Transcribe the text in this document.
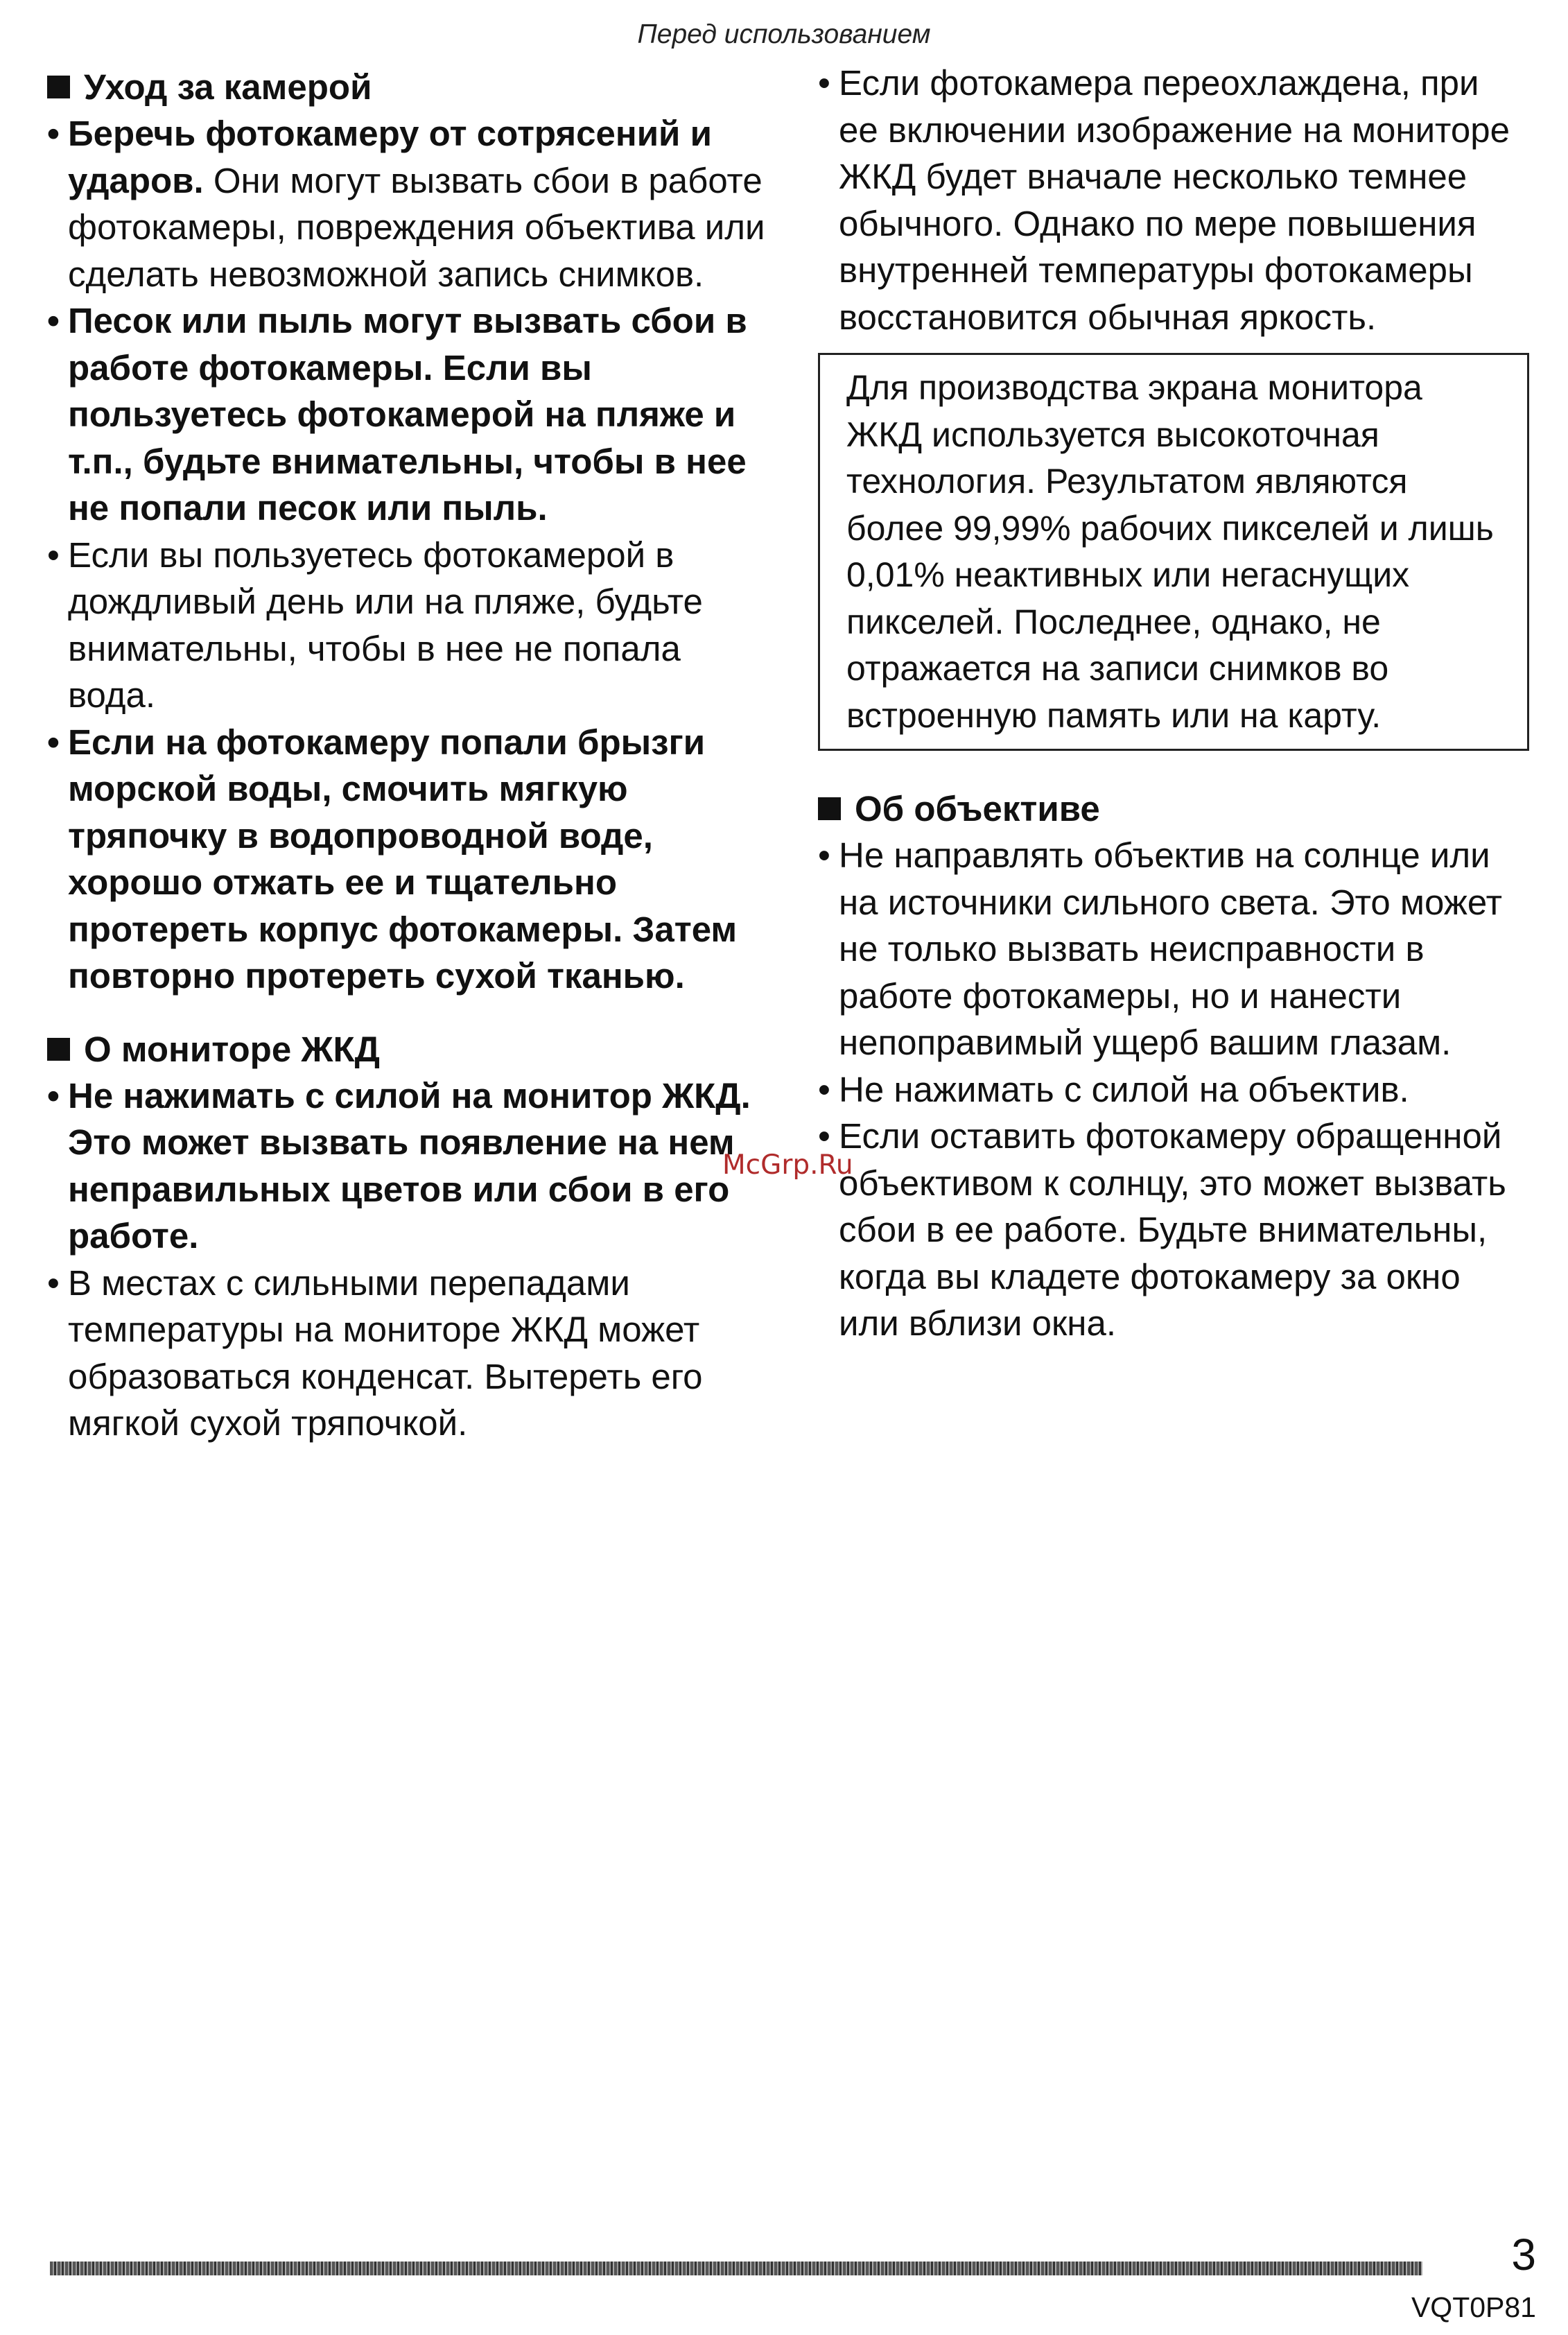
Перед использованием
Уход за камерой
• Беречь фотокамеру от сотрясений и ударов. Они могут вызвать сбои в работе фотокамеры, повреждения объектива или сделать невозможной запись снимков.
• Песок или пыль могут вызвать сбои в работе фотокамеры. Если вы пользуетесь фотокамерой на пляже и т.п., будьте внимательны, чтобы в нее не попали песок или пыль.
• Если вы пользуетесь фотокамерой в дождливый день или на пляже, будьте внимательны, чтобы в нее не попала вода.
• Если на фотокамеру попали брызги морской воды, смочить мягкую тряпочку в водопроводной воде, хорошо отжать ее и тщательно протереть корпус фотокамеры. Затем повторно протереть сухой тканью.
О мониторе ЖКД
• Не нажимать с силой на монитор ЖКД. Это может вызвать появление на нем неправильных цветов или сбои в его работе.
• В местах с сильными перепадами температуры на мониторе ЖКД может образоваться конденсат. Вытереть его мягкой сухой тряпочкой.
• Если фотокамера переохлаждена, при ее включении изображение на мониторе ЖКД будет вначале несколько темнее обычного. Однако по мере повышения внутренней температуры фотокамеры восстановится обычная яркость.
Для производства экрана монитора ЖКД используется высокоточная технология. Результатом являются более 99,99% рабочих пикселей и лишь 0,01% неактивных или негаснущих пикселей. Последнее, однако, не отражается на записи снимков во встроенную память или на карту.
Об объективе
• Не направлять объектив на солнце или на источники сильного света. Это может не только вызвать неисправности в работе фотокамеры, но и нанести непоправимый ущерб вашим глазам.
• Не нажимать с силой на объектив.
• Если оставить фотокамеру обращенной объективом к солнцу, это может вызвать сбои в ее работе. Будьте внимательны, когда вы кладете фотокамеру за окно или вблизи окна.
McGrp.Ru
3
VQT0P81
